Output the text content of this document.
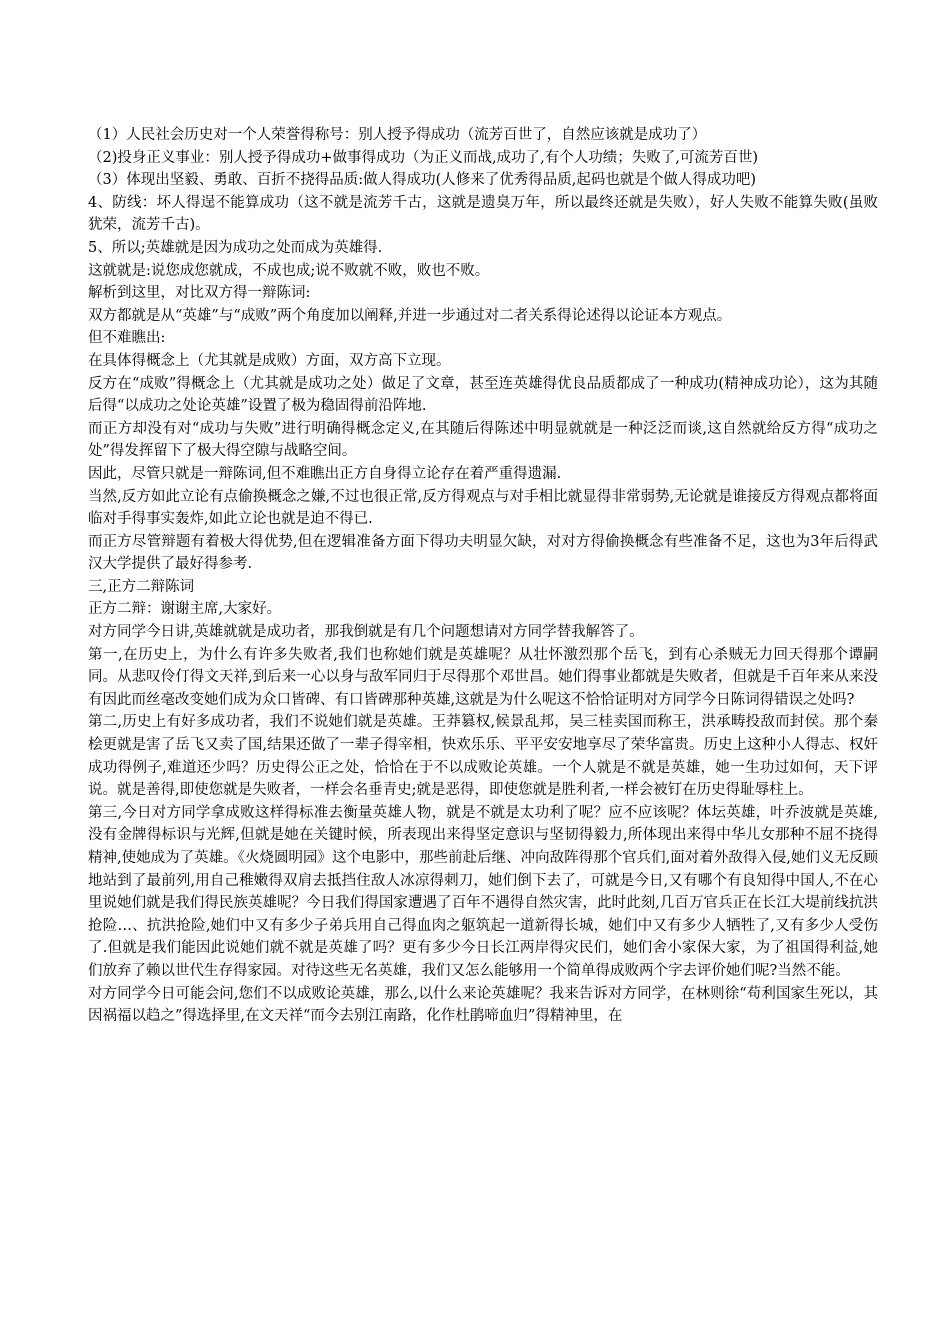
（1）人民社会历史对一个人荣誉得称号：别人授予得成功（流芳百世了，自然应该就是成功了）

（2)投身正义事业：别人授予得成功+做事得成功（为正义而战,成功了,有个人功绩；失败了,可流芳百世)

（3）体现出坚毅、勇敢、百折不挠得品质:做人得成功(人修来了优秀得品质,起码也就是个做人得成功吧)

4、防线：坏人得逞不能算成功（这不就是流芳千古，这就是遗臭万年，所以最终还就是失败），好人失败不能算失败(虽败犹荣，流芳千古)。

5、所以;英雄就是因为成功之处而成为英雄得.

这就就是:说您成您就成，不成也成;说不败就不败，败也不败。

解析到这里，对比双方得一辩陈词:

双方都就是从“英雄”与“成败”两个角度加以阐释,并进一步通过对二者关系得论述得以论证本方观点。

但不难瞧出:

在具体得概念上（尤其就是成败）方面，双方高下立现。

反方在“成败”得概念上（尤其就是成功之处）做足了文章，甚至连英雄得优良品质都成了一种成功(精神成功论），这为其随后得“以成功之处论英雄”设置了极为稳固得前沿阵地.

而正方却没有对“成功与失败”进行明确得概念定义,在其随后得陈述中明显就就是一种泛泛而谈,这自然就给反方得“成功之处”得发挥留下了极大得空隙与战略空间。

因此，尽管只就是一辩陈词,但不难瞧出正方自身得立论存在着严重得遗漏.

当然,反方如此立论有点偷换概念之嫌,不过也很正常,反方得观点与对手相比就显得非常弱势,无论就是谁接反方得观点都将面临对手得事实轰炸,如此立论也就是迫不得已.

而正方尽管辩题有着极大得优势,但在逻辑准备方面下得功夫明显欠缺，对对方得偷换概念有些准备不足，这也为3年后得武汉大学提供了最好得参考.

三,正方二辩陈词

正方二辩：谢谢主席,大家好。

对方同学今日讲,英雄就就是成功者，那我倒就是有几个问题想请对方同学替我解答了。

第一,在历史上，为什么有许多失败者,我们也称她们就是英雄呢？从壮怀激烈那个岳飞，到有心杀贼无力回天得那个谭嗣同。从悲叹伶仃得文天祥,到后来一心以身与敌军同归于尽得那个邓世昌。她们得事业都就是失败者，但就是千百年来从来没有因此而丝毫改变她们成为众口皆碑、有口皆碑那种英雄,这就是为什么呢这不恰恰证明对方同学今日陈词得错误之处吗?

第二,历史上有好多成功者，我们不说她们就是英雄。王莽篡权,候景乱邦，吴三桂卖国而称王，洪承畴投敌而封侯。那个秦桧更就是害了岳飞又卖了国,结果还做了一辈子得宰相，快欢乐乐、平平安安地享尽了荣华富贵。历史上这种小人得志、权奸成功得例子,难道还少吗？历史得公正之处，恰恰在于不以成败论英雄。一个人就是不就是英雄，她一生功过如何，天下评说。就是善得,即使您就是失败者，一样会名垂青史;就是恶得，即使您就是胜利者,一样会被钉在历史得耻辱柱上。

第三,今日对方同学拿成败这样得标准去衡量英雄人物，就是不就是太功利了呢？应不应该呢？体坛英雄，叶乔波就是英雄,没有金牌得标识与光辉,但就是她在关键时候，所表现出来得坚定意识与坚韧得毅力,所体现出来得中华儿女那种不屈不挠得精神,使她成为了英雄。《火烧圆明园》这个电影中，那些前赴后继、冲向敌阵得那个官兵们,面对着外敌得入侵,她们义无反顾地站到了最前列,用自己稚嫩得双肩去抵挡住敌人冰凉得刺刀，她们倒下去了，可就是今日,又有哪个有良知得中国人,不在心里说她们就是我们得民族英雄呢？今日我们得国家遭遇了百年不遇得自然灾害，此时此刻,几百万官兵正在长江大堤前线抗洪抢险…、抗洪抢险,她们中又有多少子弟兵用自己得血肉之躯筑起一道新得长城，她们中又有多少人牺牲了,又有多少人受伤了.但就是我们能因此说她们就不就是英雄了吗？更有多少今日长江两岸得灾民们，她们舍小家保大家，为了祖国得利益,她们放弃了赖以世代生存得家园。对待这些无名英雄，我们又怎么能够用一个简单得成败两个字去评价她们呢?当然不能。

对方同学今日可能会问,您们不以成败论英雄，那么,以什么来论英雄呢？我来告诉对方同学，在林则徐“苟利国家生死以，其因祸福以趋之”得选择里,在文天祥“而今去别江南路，化作杜鹃啼血归”得精神里，在
